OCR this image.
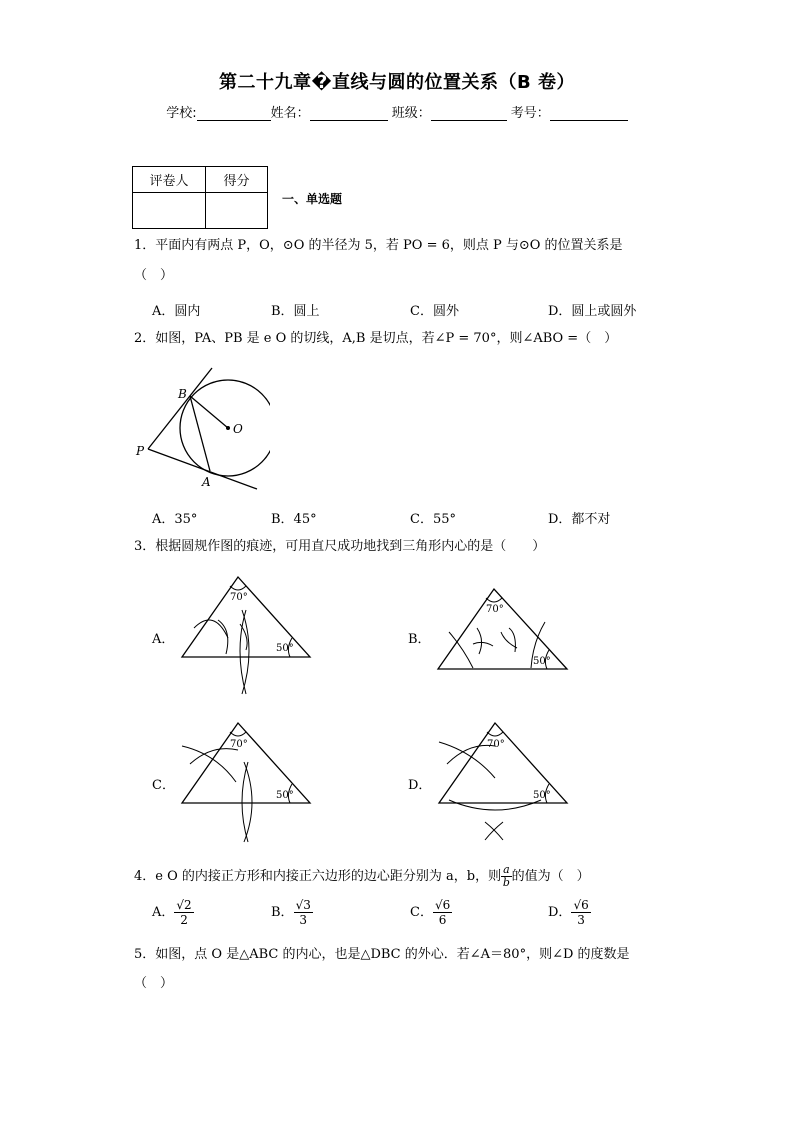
第二十九章�直线与圆的位置关系（B 卷）
学校:	姓名：	班级：	考号：
评卷人	得分

一、单选题
1．平面内有两点 P，O，⊙O 的半径为 5，若 PO = 6，则点 P 与⊙O 的位置关系是
（　）
A．圆内	B．圆上	C．圆外	D．圆上或圆外
2．如图，PA、PB 是 e O 的切线，A,B 是切点，若∠P = 70°，则∠ABO =（　）
B
O
P
A
A．35°	B．45°	C．55°	D．都不对
3．根据圆规作图的痕迹，可用直尺成功地找到三角形内心的是（　　）
A．
70°
50°
B．
70°
50°
C．
70°
50°
D．
70°
50°
4．e O 的内接正方形和内接正六边形的边心距分别为 a，b，则 $\frac{a}{b}$ 的值为（　）
A． $\frac{√2}{2}$	B． $\frac{√3}{3}$	C． $\frac{√6}{6}$	D． $\frac{√6}{3}$
5．如图，点 O 是△ABC 的内心，也是△DBC 的外心．若∠A＝80°，则∠D 的度数是
（　）
